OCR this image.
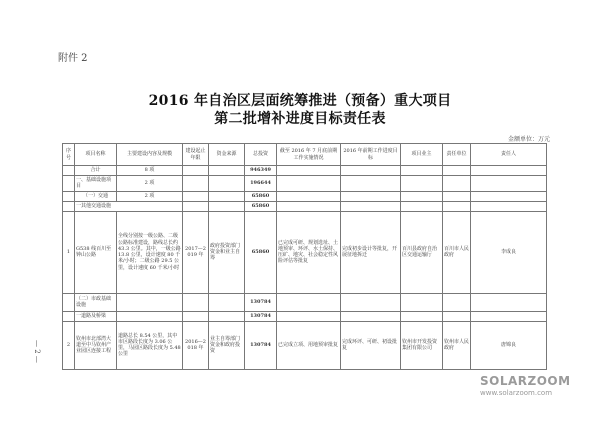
附件 2
2016 年自治区层面统筹推进（预备）重大项目
第二批增补进度目标责任表
金额单位：万元
序号	项目名称	主要建设内容及规模	建设起止年限	资金来源	总投资	截至 2016 年 7 月底前期工作实施情况	2016 年前期工作进度目标	项目业主	责任单位	责任人
	合计	8 项			946349					
	一、基础设施项目	2 项			196644					
	（一）交通	2 项			65860					
	一其他交通设施				65860					
1	G538 线百川至钟山公路	全线分别按一级公路、二级公路标准建设，路线总长约 43.3 公里。其中，一级公路 13.8 公里，设计速度 80 千米/小时；二级公路 29.5 公里，设计速度 60 千米/小时	2017—2019 年	政府投资部门资金和业主自筹	65860	已完成可研、规划选址、土地预审、环评、水土保持、压矿、地灾、社会稳定性风险评估等批复	完成初步设计等批复，开展征地拆迁	百川县政府自治区交通运输厅	百川市人民政府	李成良
	（二）市政基础设施				130784					
	一道路及桥梁				130784					
2	钦州市北部湾大道至中马钦州产业园区连接工程	道路总长 8.54 公里，其中市区路段长度为 3.06 公里，马园区路段长度为 5.48 公里	2016—2018 年	业主自筹部门资金和政府投资	130784	已完成立项、用地预审批复	完成环评、可研、初设批复	钦州市开发投资集团有限公司	钦州市人民政府	唐锦良
— 2 —
SOLARZOOM
www.solarzoom.com
